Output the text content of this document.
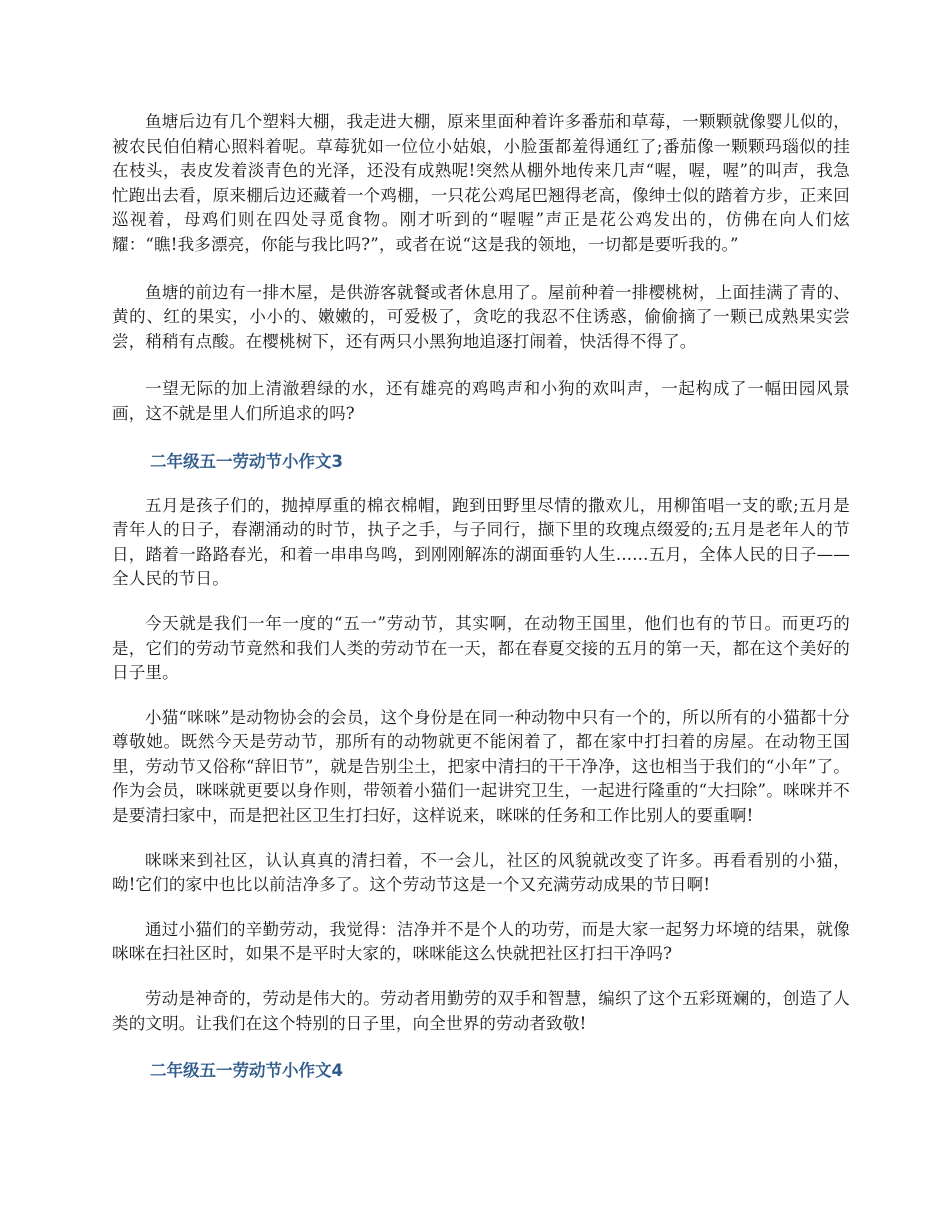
鱼塘后边有几个塑料大棚，我走进大棚，原来里面种着许多番茄和草莓，一颗颗就像婴儿似的，被农民伯伯精心照料着呢。草莓犹如一位位小姑娘，小脸蛋都羞得通红了;番茄像一颗颗玛瑙似的挂在枝头，表皮发着淡青色的光泽，还没有成熟呢!突然从棚外地传来几声“喔，喔，喔”的叫声，我急忙跑出去看，原来棚后边还藏着一个鸡棚，一只花公鸡尾巴翘得老高，像绅士似的踏着方步，正来回巡视着，母鸡们则在四处寻觅食物。刚才听到的“喔喔”声正是花公鸡发出的，仿佛在向人们炫耀：“瞧!我多漂亮，你能与我比吗?”，或者在说“这是我的领地，一切都是要听我的。”

鱼塘的前边有一排木屋，是供游客就餐或者休息用了。屋前种着一排樱桃树，上面挂满了青的、黄的、红的果实，小小的、嫩嫩的，可爱极了，贪吃的我忍不住诱惑，偷偷摘了一颗已成熟果实尝尝，稍稍有点酸。在樱桃树下，还有两只小黑狗地追逐打闹着，快活得不得了。

一望无际的加上清澈碧绿的水，还有雄亮的鸡鸣声和小狗的欢叫声，一起构成了一幅田园风景画，这不就是里人们所追求的吗?

二年级五一劳动节小作文3

五月是孩子们的，抛掉厚重的棉衣棉帽，跑到田野里尽情的撒欢儿，用柳笛唱一支的歌;五月是青年人的日子，春潮涌动的时节，执子之手，与子同行，撷下里的玫瑰点缀爱的;五月是老年人的节日，踏着一路路春光，和着一串串鸟鸣，到刚刚解冻的湖面垂钓人生......五月，全体人民的日子——全人民的节日。

今天就是我们一年一度的“五一”劳动节，其实啊，在动物王国里，他们也有的节日。而更巧的是，它们的劳动节竟然和我们人类的劳动节在一天，都在春夏交接的五月的第一天，都在这个美好的日子里。

小猫“咪咪”是动物协会的会员，这个身份是在同一种动物中只有一个的，所以所有的小猫都十分尊敬她。既然今天是劳动节，那所有的动物就更不能闲着了，都在家中打扫着的房屋。在动物王国里，劳动节又俗称“辞旧节”，就是告别尘土，把家中清扫的干干净净，这也相当于我们的“小年”了。作为会员，咪咪就更要以身作则，带领着小猫们一起讲究卫生，一起进行隆重的“大扫除”。咪咪并不是要清扫家中，而是把社区卫生打扫好，这样说来，咪咪的任务和工作比别人的要重啊!

咪咪来到社区，认认真真的清扫着，不一会儿，社区的风貌就改变了许多。再看看别的小猫，呦!它们的家中也比以前洁净多了。这个劳动节这是一个又充满劳动成果的节日啊!

通过小猫们的辛勤劳动，我觉得：洁净并不是个人的功劳，而是大家一起努力坏境的结果，就像咪咪在扫社区时，如果不是平时大家的，咪咪能这么快就把社区打扫干净吗?

劳动是神奇的，劳动是伟大的。劳动者用勤劳的双手和智慧，编织了这个五彩斑斓的，创造了人类的文明。让我们在这个特别的日子里，向全世界的劳动者致敬!

二年级五一劳动节小作文4
